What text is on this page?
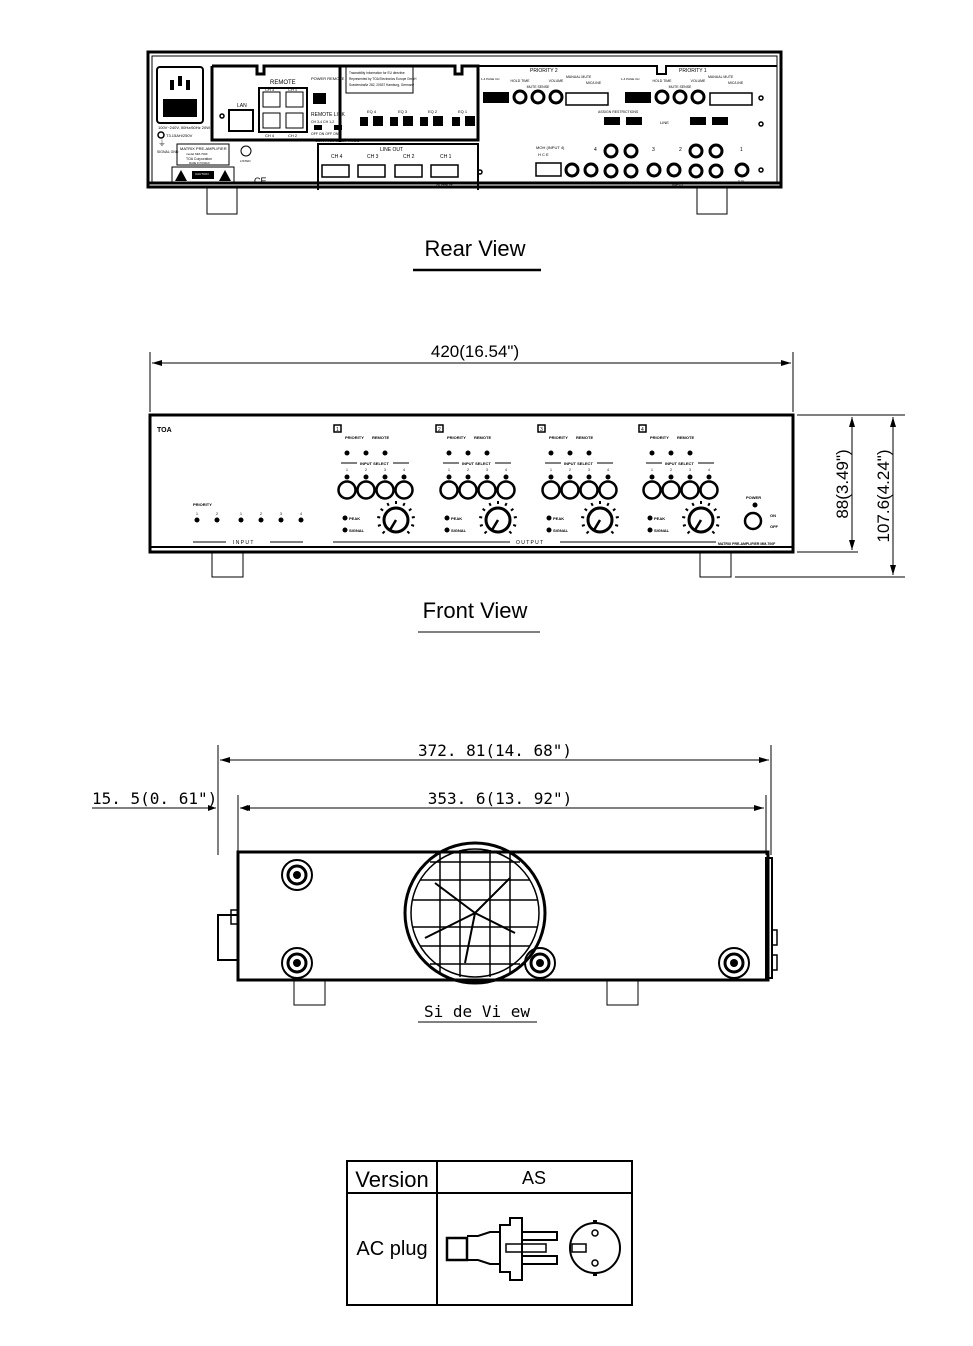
100V~240V, 50Hz/60Hz 20W
T3.15AH/250V
SIGNAL GND
⏚
REMOTE
CH 3	CH 1
CH 4	CH 2
LAN
POWER REMOTE
REMOTE LINK
CH 3-4 CH 1-2
OFF ON OFF ON
CONTROL & SETTINGS
Traceability Information for EU directive
Represented by TOA Electronics Europe GmbH
Suederstraße 282, 20537 Hamburg, Germany
EQ 4	EQ 3	EQ 2	EQ 1
MATRIX PRE-AMPLIFIER
model MM-700F
TOA Corporation
MADE IN TAIWAN
CAUTION
LISTED
CE
LINE OUT
CH 4	CH 3	CH 2	CH 1
OUTPUT
PRIORITY 2	PRIORITY 1
1-4 PAGE CH	1-4 PAGE CH
HOLD TIME
MUTE SENSE
VOLUME	HOLD TIME
MUTE SENSE
VOLUME
MANUAL MUTE
MIC/LINE
MANUAL MUTE
MIC/LINE
ASSIGN RESTRICTIONS
LINE
MOH (INPUT 4)
H C E
4	3	2	1
INPUT
0 10
Rear View
420(16.54")
88(3.49") 107.6(4.24")
TOA
PRIORITY
1	2	1	2	3	4
I N P U T	O U T P U T
1
PRIORITY REMOTE
INPUT SELECT
1	2	3	4
PEAK
SIGNAL
2
PRIORITY REMOTE
INPUT SELECT
1	2	3	4
PEAK
SIGNAL
3
PRIORITY REMOTE
INPUT SELECT
1	2	3	4
PEAK
SIGNAL
4
PRIORITY REMOTE
INPUT SELECT
1	2	3	4
PEAK
SIGNAL
POWER
ON
OFF
MATRIX PRE-AMPLIFIER MM-700F
Front View
372. 81(14. 68")
353. 6(13. 92")
15. 5(0. 61")
Si de Vi ew
Version	AS
AC plug
